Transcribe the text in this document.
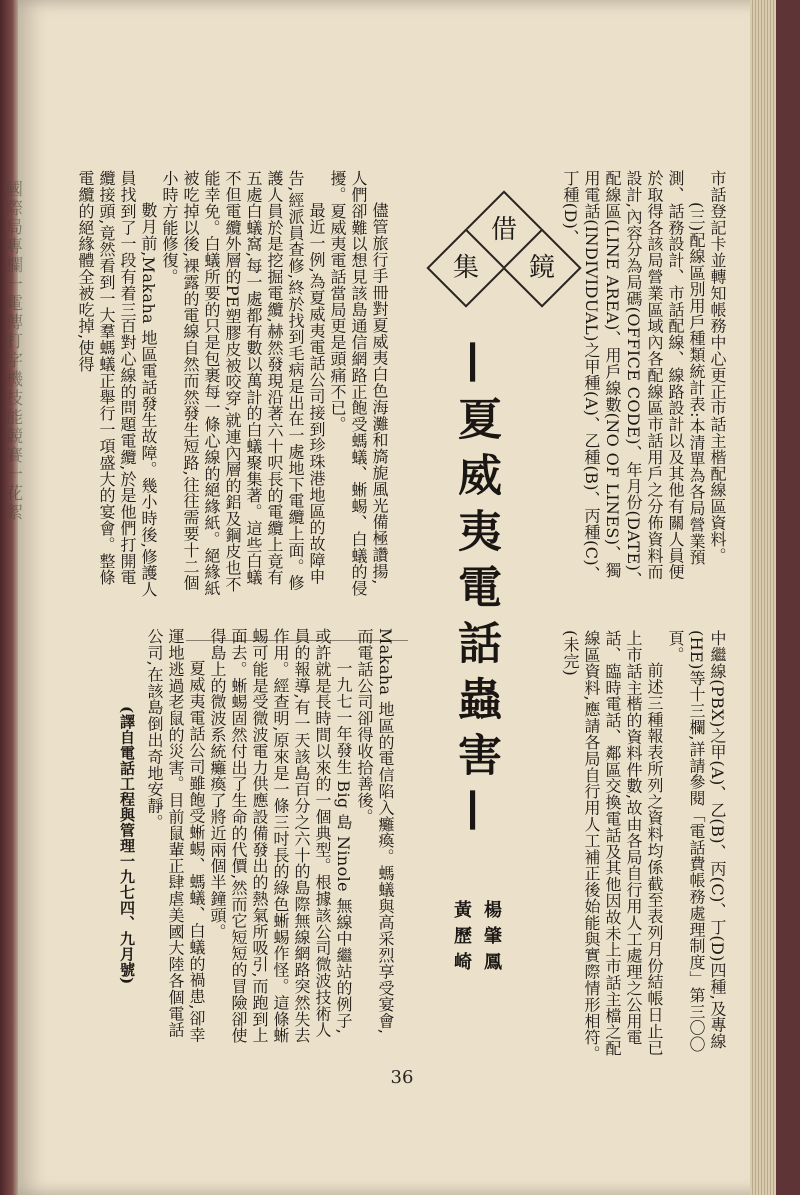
國際局專欄一電傳打字機技能競賽一花絮	市話登記卡並轉知帳務中心更正市話主楷配線區資料。

(三)配線區別用戶種類統計表:本清單為各局營業預測、話務設計、市話配線、線路設計以及其他有關人員便於取得各該局營業區域內各配線區市話用戶之分佈資料而設計,內容分為局碼(OFFICE CODE)、年月份(DATE)、配線區(LINE AREA)、用戶線數(NO OF LINES)、獨用電話(INDIVIDUAL)之甲種(A)、乙種(B)、丙種(C)、丁種(D)、

中繼線(PBX)之甲(A)、乙(B)、丙(C)、丁(D)四種,及專線(HE)等十三欄,詳請參閱「電話費帳務處理制度」第三〇〇頁。

前述三種報表所列之資料均係截至表列月份結帳日止已上市話主楷的資料件數,故由各局自行用人工處理之公用電話、臨時電話、鄰區交換電話及其他因故未上市話主檔之配線區資料,應請各局自行用人工補正後始能與實際情形相符。(未完)

借
鏡
集
—夏威夷電話蟲害—
楊肇鳳
黃歷崎

儘管旅行手冊對夏威夷白色海灘和旖旎風光備極讚揚,人們卻難以想見該島通信網路正飽受螞蟻、蜥蜴、白蟻的侵擾。夏威夷電話當局更是頭痛不已。

最近一例,為夏威夷電話公司接到珍珠港地區的故障申告,經派員查修,終於找到毛病是出在一處地下電纜上面。修護人員於是挖掘電纜,赫然發現沿著六十呎長的電纜上竟有五處白蟻窩,每一處都有數以萬計的白蟻聚集著。這些白蟻不但電纜外層的PE塑膠皮被咬穿,就連內層的鋁及鋼皮也不能幸免。白蟻所要的只是包裹每一條心線的絕緣紙。絕緣紙被吃掉以後,裸露的電線自然而然發生短路,往往需要十二個小時方能修復。

數月前,Makaha 地區電話發生故障。幾小時後,修護人員找到了一段有着三百對心線的問題電纜,於是他們打開電纜接頭,竟然看到一大羣螞蟻正舉行一項盛大的宴會。整條電纜的絕緣體全被吃掉,使得

Makaha 地區的電信陷入癱瘓。螞蟻與高采烈享受宴會,而電話公司卻得收拾善後。

一九七一年發生 Big 島 Ninole 無線中繼站的例子,或許就是長時間以來的一個典型。根據該公司微波技術人員的報導,有一天該島百分之六十的島際無線網路突然失去作用。經查明,原來是一條三吋長的綠色蜥蜴作怪。這條蜥蜴可能是受微波電力供應設備發出的熱氣所吸引,而跑到上面去。蜥蜴固然付出了生命的代價,然而它短短的冒險卻使得島上的微波系統癱瘓了將近兩個半鐘頭。

夏威夷電話公司雖飽受蜥蜴、螞蟻、白蟻的禍患,卻幸運地逃過老鼠的災害。目前鼠輩正肆虐美國大陸各個電話公司,在該島倒出奇地安靜。

(譯自電話工程與管理一九七四、九月號)
36
